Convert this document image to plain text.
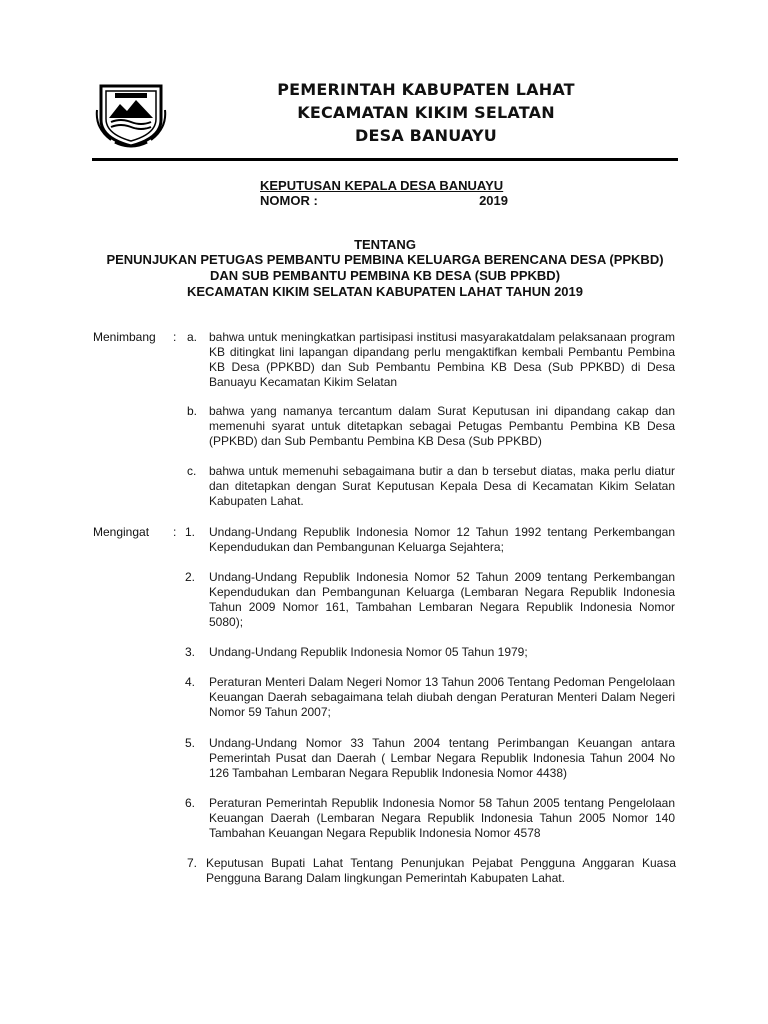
PEMERINTAH KABUPATEN LAHAT
KECAMATAN KIKIM SELATAN
DESA BANUAYU
KEPUTUSAN KEPALA DESA BANUAYU
NOMOR :	2019
TENTANG
PENUNJUKAN PETUGAS PEMBANTU PEMBINA KELUARGA BERENCANA DESA (PPKBD)
DAN SUB PEMBANTU PEMBINA KB DESA (SUB PPKBD)
KECAMATAN KIKIM SELATAN KABUPATEN LAHAT TAHUN 2019
Menimbang : a. bahwa untuk meningkatkan partisipasi institusi masyarakatdalam pelaksanaan program KB ditingkat lini lapangan dipandang perlu mengaktifkan kembali Pembantu Pembina KB Desa (PPKBD) dan Sub Pembantu Pembina KB Desa (Sub PPKBD) di Desa Banuayu Kecamatan Kikim Selatan
b. bahwa yang namanya tercantum dalam Surat Keputusan ini dipandang cakap dan memenuhi syarat untuk ditetapkan sebagai Petugas Pembantu Pembina KB Desa (PPKBD) dan Sub Pembantu Pembina KB Desa (Sub PPKBD)
c. bahwa untuk memenuhi sebagaimana butir a dan b tersebut diatas, maka perlu diatur dan ditetapkan dengan Surat Keputusan Kepala Desa di Kecamatan Kikim Selatan Kabupaten Lahat.
Mengingat : 1. Undang-Undang Republik Indonesia Nomor 12 Tahun 1992 tentang Perkembangan Kependudukan dan Pembangunan Keluarga Sejahtera;
2. Undang-Undang Republik Indonesia Nomor 52 Tahun 2009 tentang Perkembangan Kependudukan dan Pembangunan Keluarga (Lembaran Negara Republik Indonesia Tahun 2009 Nomor 161, Tambahan Lembaran Negara Republik Indonesia Nomor 5080);
3. Undang-Undang Republik Indonesia Nomor 05 Tahun 1979;
4. Peraturan Menteri Dalam Negeri Nomor 13 Tahun 2006 Tentang Pedoman Pengelolaan Keuangan Daerah sebagaimana telah diubah dengan Peraturan Menteri Dalam Negeri Nomor 59 Tahun 2007;
5. Undang-Undang Nomor 33 Tahun 2004 tentang Perimbangan Keuangan antara Pemerintah Pusat dan Daerah ( Lembar Negara Republik Indonesia Tahun 2004 No 126 Tambahan Lembaran Negara Republik Indonesia Nomor 4438)
6. Peraturan Pemerintah Republik Indonesia Nomor 58 Tahun 2005 tentang Pengelolaan Keuangan Daerah (Lembaran Negara Republik Indonesia Tahun 2005 Nomor 140 Tambahan Keuangan Negara Republik Indonesia Nomor 4578
7. Keputusan Bupati Lahat Tentang Penunjukan Pejabat Pengguna Anggaran Kuasa Pengguna Barang Dalam lingkungan Pemerintah Kabupaten Lahat.
